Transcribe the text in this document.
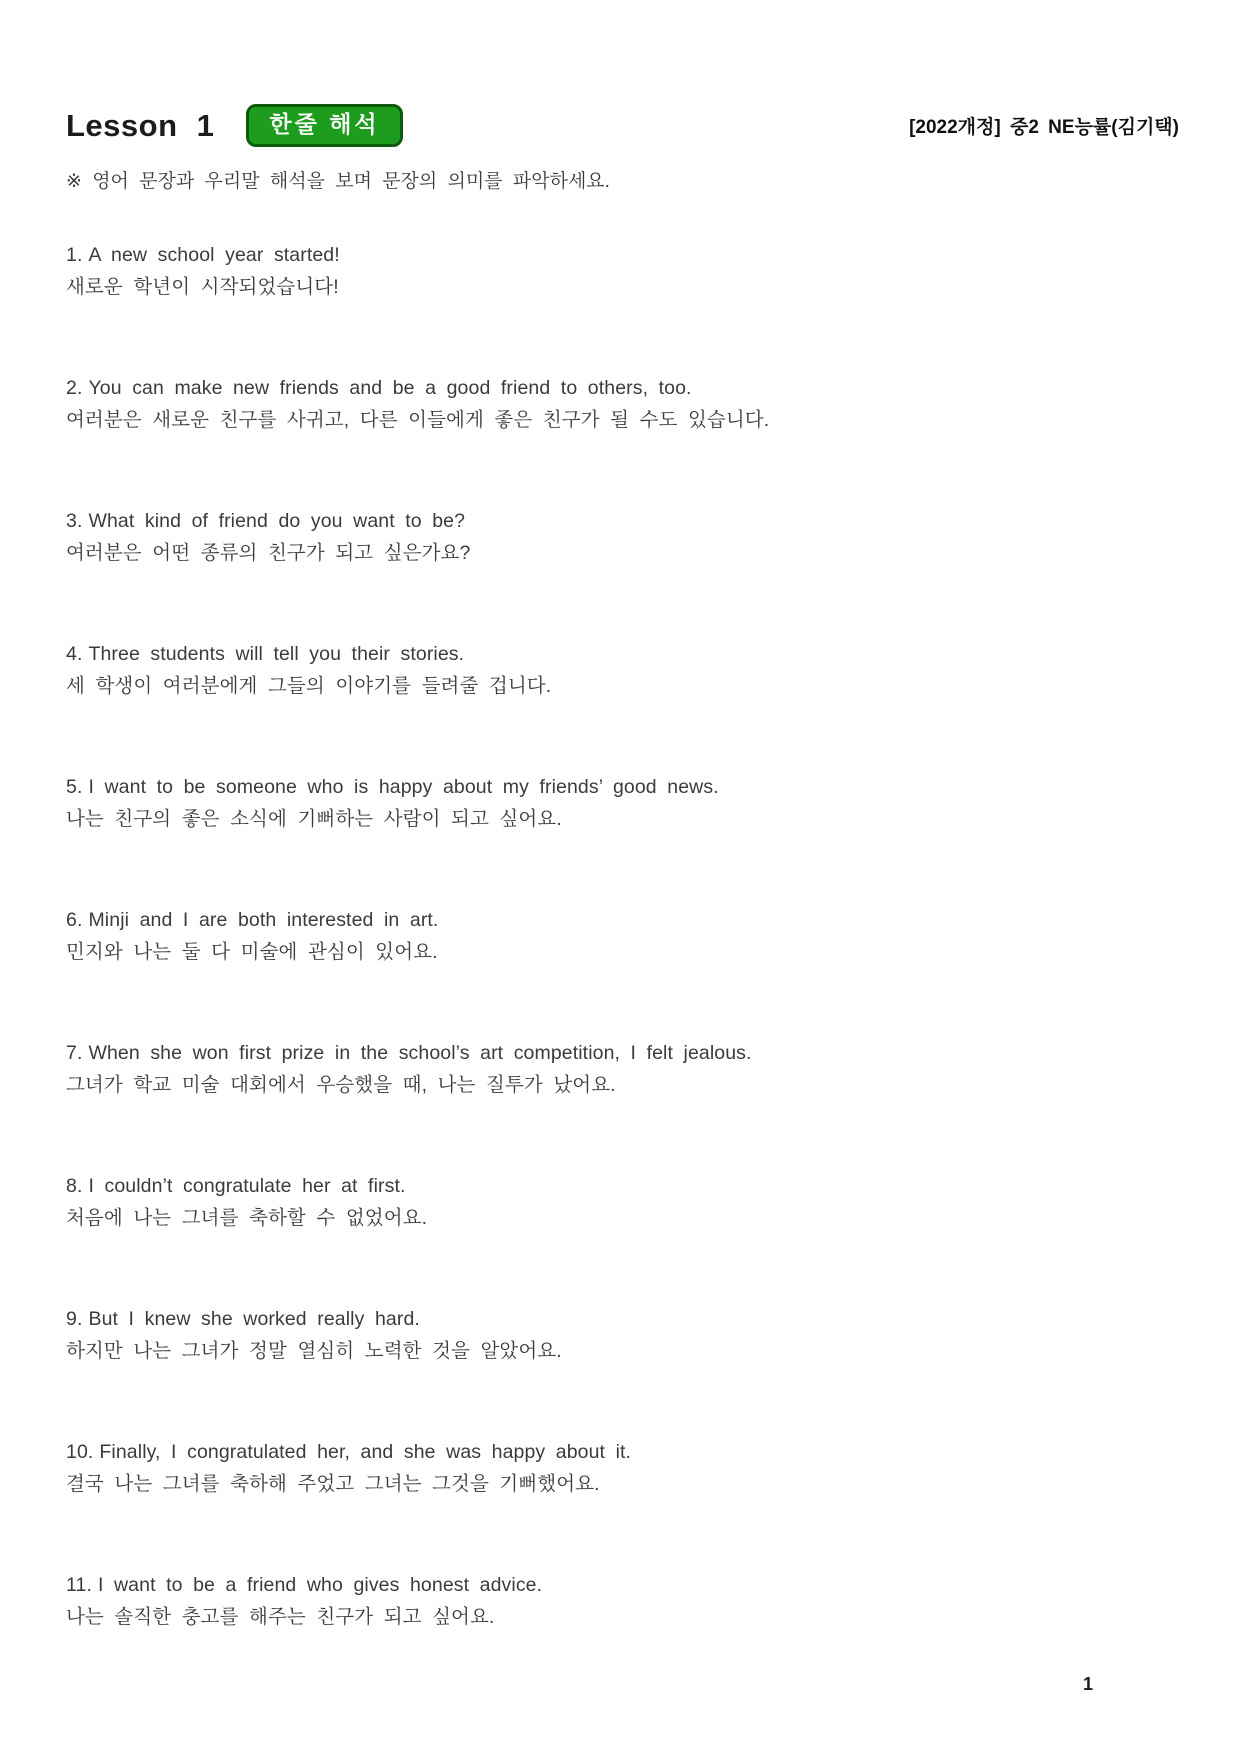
Lesson 1	한줄 해석	[2022개정] 중2 NE능률(김기택)

※ 영어 문장과 우리말 해석을 보며 문장의 의미를 파악하세요.

1. A new school year started!

새로운 학년이 시작되었습니다!

2. You can make new friends and be a good friend to others, too.

여러분은 새로운 친구를 사귀고, 다른 이들에게 좋은 친구가 될 수도 있습니다.

3. What kind of friend do you want to be?

여러분은 어떤 종류의 친구가 되고 싶은가요?

4. Three students will tell you their stories.

세 학생이 여러분에게 그들의 이야기를 들려줄 겁니다.

5. I want to be someone who is happy about my friends’ good news.

나는 친구의 좋은 소식에 기뻐하는 사람이 되고 싶어요.

6. Minji and I are both interested in art.

민지와 나는 둘 다 미술에 관심이 있어요.

7. When she won first prize in the school’s art competition, I felt jealous.

그녀가 학교 미술 대회에서 우승했을 때, 나는 질투가 났어요.

8. I couldn’t congratulate her at first.

처음에 나는 그녀를 축하할 수 없었어요.

9. But I knew she worked really hard.

하지만 나는 그녀가 정말 열심히 노력한 것을 알았어요.

10. Finally, I congratulated her, and she was happy about it.

결국 나는 그녀를 축하해 주었고 그녀는 그것을 기뻐했어요.

11. I want to be a friend who gives honest advice.

나는 솔직한 충고를 해주는 친구가 되고 싶어요.

1
